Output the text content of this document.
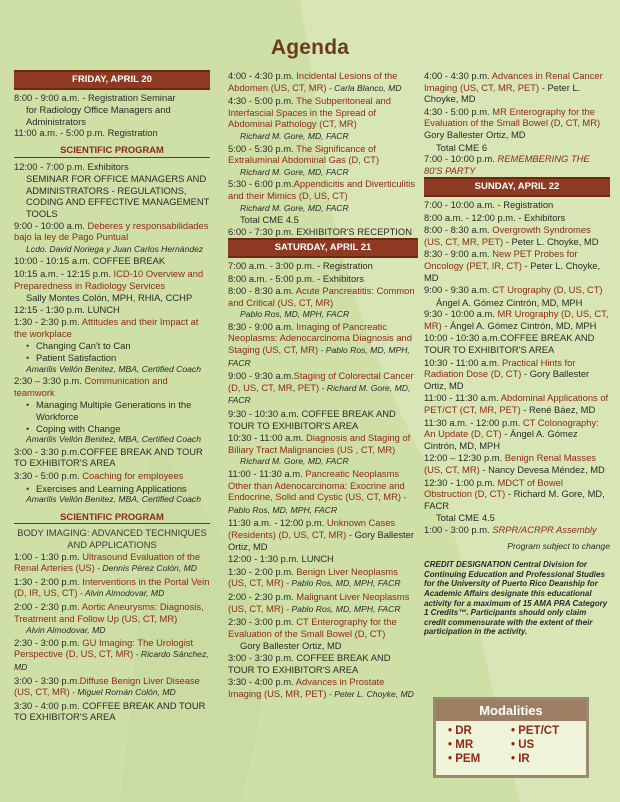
Agenda
FRIDAY, APRIL 20
8:00 - 9:00 a.m. - Registration Seminar
for Radiology Office Managers and Administrators
11:00 a.m. - 5:00 p.m. Registration
SCIENTIFIC PROGRAM
12:00 - 7:00 p.m. Exhibitors
SEMINAR FOR OFFICE MANAGERS AND ADMINISTRATORS - REGULATIONS, CODING AND EFFECTIVE MANAGEMENT TOOLS
9:00 - 10:00 a.m. Deberes y responsabilidades bajo la ley de Pago Puntual
Lcdo. David Noriega y Juan Carlos Hernández
10:00 - 10:15 a.m. COFFEE BREAK
10:15 a.m. - 12:15 p.m. ICD-10 Overview and Preparedness in Radiology Services
Sally Montes Colón, MPH, RHIA, CCHP
12:15 - 1:30 p.m. LUNCH
1:30 - 2:30 p.m. Attitudes and their Impact at the workplace
• Changing Can't to Can
• Patient Satisfaction
Amarilis Vellón Benitez, MBA, Certified Coach
2:30 – 3:30 p.m. Communication and teamwork
• Managing Multiple Generations in the Workforce
• Coping with Change
Amarilis Vellón Benitez, MBA, Certified Coach
3:00 - 3:30 p.m.COFFEE BREAK AND TOUR TO EXHIBITOR'S AREA
3:30 - 5:00 p.m. Coaching for employees
• Exercises and Learning Applications
Amarilis Vellón Benitez, MBA, Certified Coach
SCIENTIFIC PROGRAM
BODY IMAGING: ADVANCED TECHNIQUES AND APPLICATIONS
1:00 - 1:30 p.m. Ultrasound Evaluation of the Renal Arteries (US) - Dennis Pérez Colón, MD
1:30 - 2:00 p.m. Interventions in the Portal Vein (D, IR, US, CT) - Alvin Almodovar, MD
2:00 - 2:30 p.m. Aortic Aneurysms: Diagnosis, Treatment and Follow Up (US, CT, MR)
Alvin Almodovar, MD
2:30 - 3:00 p.m. GU Imaging: The Urologist Perspective (D, US, CT, MR) - Ricardo Sánchez, MD
3:00 - 3:30 p.m.Diffuse Benign Liver Disease (US, CT, MR) - Miguel Román Colón, MD
3:30 - 4:00 p.m. COFFEE BREAK AND TOUR TO EXHIBITOR'S AREA
4:00 - 4:30 p.m. Incidental Lesions of the Abdomen (US, CT, MR) - Carla Blanco, MD
4:30 - 5:00 p.m. The Subperitoneal and Interfascial Spaces in the Spread of Abdominal Pathology (CT, MR)
Richard M. Gore, MD, FACR
5:00 - 5:30 p.m. The Significance of Extraluminal Abdominal Gas (D, CT)
Richard M. Gore, MD, FACR
5:30 - 6:00 p.m.Appendicitis and Diverticulitis and their Mimics (D, US, CT)
Richard M. Gore, MD, FACR
Total CME 4.5
6:00 - 7:30 p.m. EXHIBITOR'S RECEPTION
SATURDAY, APRIL 21
7:00 a.m. - 3:00 p.m. - Registration
8:00 a.m. - 5:00 p.m. - Exhibitors
8:00 - 8:30 a.m. Acute Pancreatitis: Common and Critical (US, CT, MR)
Pablo Ros, MD, MPH, FACR
8:30 - 9:00 a.m. Imaging of Pancreatic Neoplasms: Adenocarcinoma Diagnosis and Staging (US, CT, MR) - Pablo Ros, MD, MPH, FACR
9:00 - 9:30 a.m.Staging of Colorectal Cancer (D, US, CT, MR, PET) - Richard M. Gore, MD, FACR
9:30 - 10:30 a.m. COFFEE BREAK AND TOUR TO EXHIBITOR'S AREA
10:30 - 11:00 a.m. Diagnosis and Staging of Biliary Tract Malignancies (US , CT, MR)
Richard M. Gore, MD, FACR
11:00 - 11:30 a.m. Pancreatic Neoplasms Other than Adenocarcinoma: Exocrine and Endocrine, Solid and Cystic (US, CT, MR) - Pablo Ros, MD, MPH, FACR
11:30 a.m. - 12:00 p.m. Unknown Cases (Residents) (D, US, CT, MR) - Gory Ballester Ortiz, MD
12:00 - 1:30 p.m. LUNCH
1:30 - 2:00 p.m. Benign Liver Neoplasms (US, CT, MR) - Pablo Ros, MD, MPH, FACR
2:00 - 2:30 p.m. Malignant Liver Neoplasms (US, CT, MR) - Pablo Ros, MD, MPH, FACR
2:30 - 3:00 p.m. CT Enterography for the Evaluation of the Small Bowel (D, CT)
Gory Ballester Ortiz, MD
3:00 - 3:30 p.m. COFFEE BREAK AND TOUR TO EXHIBITOR'S AREA
3:30 - 4:00 p.m. Advances in Prostate Imaging (US, MR, PET) - Peter L. Choyke, MD
4:00 - 4:30 p.m. Advances in Renal Cancer Imaging (US, CT, MR, PET) - Peter L. Choyke, MD
4:30 - 5:00 p.m. MR Enterography for the Evaluation of the Small Bowel (D, CT, MR) Gory Ballester Ortiz, MD
Total CME 6
7:00 - 10:00 p.m. REMEMBERING THE 80'S PARTY
SUNDAY, APRIL 22
7:00 - 10:00 a.m. - Registration
8:00 a.m. - 12:00 p.m. - Exhibitors
8:00 - 8:30 a.m. Overgrowth Syndromes (US, CT, MR, PET) - Peter L. Choyke, MD
8:30 - 9:00 a.m. New PET Probes for Oncology (PET, IR, CT) - Peter L. Choyke, MD
9:00 - 9:30 a.m. CT Urography (D, US, CT)
Ángel A. Gómez Cintrón, MD, MPH
9:30 - 10:00 a.m. MR Urography (D, US, CT, MR) - Ángel A. Gómez Cintrón, MD, MPH
10:00 - 10:30 a.m.COFFEE BREAK AND TOUR TO EXHIBITOR'S AREA
10:30 - 11:00 a.m. Practical Hints for Radiation Dose (D, CT) - Gory Ballester Ortiz, MD
11:00 - 11:30 a.m. Abdominal Applications of PET/CT (CT, MR, PET) - René Báez, MD
11:30 a.m. - 12:00 p.m. CT Colonography: An Update (D, CT) - Ángel A. Gómez Cintrón, MD, MPH
12:00 – 12:30 p.m. Benign Renal Masses (US, CT, MR) - Nancy Devesa Méndez, MD
12:30 - 1:00 p.m. MDCT of Bowel Obstruction (D, CT) - Richard M. Gore, MD, FACR
Total CME 4.5
1:00 - 3:00 p.m. SRPR/ACRPR Assembly
Program subject to change
CREDIT DESIGNATION Central Division for Continuing Education and Professional Studies for the University of Puerto Rico Deanship for Academic Affairs designate this educational activity for a maximum of 15 AMA PRA Category 1 Credits™. Participants should only claim credit commensurate with the extent of their participation in the activity.
Modalities
• DR	• PET/CT
• MR	• US
• PEM	• IR
